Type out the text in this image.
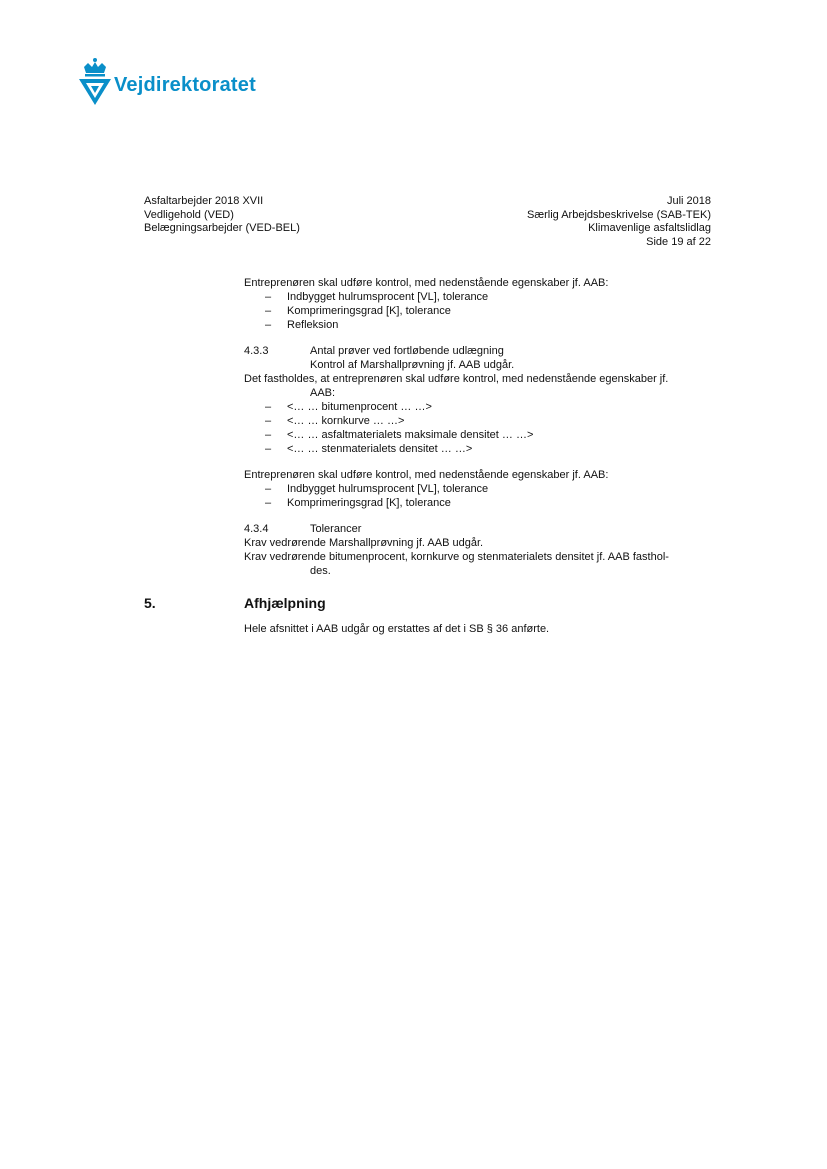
Vejdirektoratet
Asfaltarbejder 2018 XVII
Vedligehold (VED)
Belægningsarbejder (VED-BEL)
Juli 2018
Særlig Arbejdsbeskrivelse (SAB-TEK)
Klimavenlige asfaltslidlag
Side 19 af 22

Entreprenøren skal udføre kontrol, med nedenstående egenskaber jf. AAB:

– Indbygget hulrumsprocent [VL], tolerance
– Komprimeringsgrad [K], tolerance
– Refleksion
4.3.3	Antal prøver ved fortløbende udlægning
Kontrol af Marshallprøvning jf. AAB udgår.
Det fastholdes, at entreprenøren skal udføre kontrol, med nedenstående egenskaber jf.
AAB:
– <… … bitumenprocent … …>
– <… … kornkurve … …>
– <… … asfaltmaterialets maksimale densitet … …>
– <… … stenmaterialets densitet … …>

Entreprenøren skal udføre kontrol, med nedenstående egenskaber jf. AAB:

– Indbygget hulrumsprocent [VL], tolerance
– Komprimeringsgrad [K], tolerance
4.3.4	Tolerancer
Krav vedrørende Marshallprøvning jf. AAB udgår.
Krav vedrørende bitumenprocent, kornkurve og stenmaterialets densitet jf. AAB fasthol-
des.
5.	Afhjælpning
Hele afsnittet i AAB udgår og erstattes af det i SB § 36 anførte.
